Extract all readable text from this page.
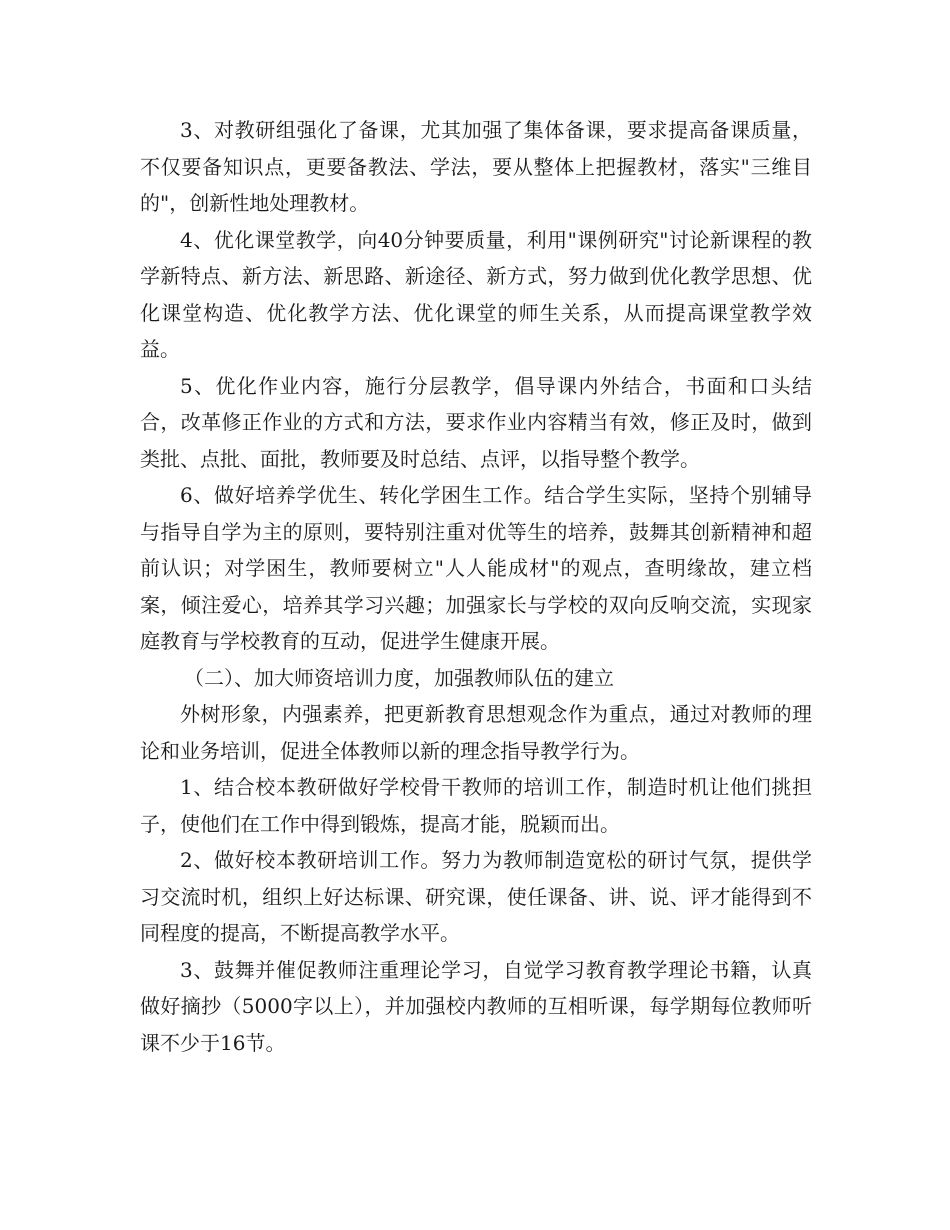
3、对教研组强化了备课，尤其加强了集体备课，要求提高备课质量，不仅要备知识点，更要备教法、学法，要从整体上把握教材，落实"三维目的"，创新性地处理教材。

4、优化课堂教学，向40分钟要质量，利用"课例研究"讨论新课程的教学新特点、新方法、新思路、新途径、新方式，努力做到优化教学思想、优化课堂构造、优化教学方法、优化课堂的师生关系，从而提高课堂教学效益。

5、优化作业内容，施行分层教学，倡导课内外结合，书面和口头结合，改革修正作业的方式和方法，要求作业内容精当有效，修正及时，做到类批、点批、面批，教师要及时总结、点评，以指导整个教学。

6、做好培养学优生、转化学困生工作。结合学生实际，坚持个别辅导与指导自学为主的原则，要特别注重对优等生的培养，鼓舞其创新精神和超前认识；对学困生，教师要树立"人人能成材"的观点，查明缘故，建立档案，倾注爱心，培养其学习兴趣；加强家长与学校的双向反响交流，实现家庭教育与学校教育的互动，促进学生健康开展。

（二）、加大师资培训力度，加强教师队伍的建立

外树形象，内强素养，把更新教育思想观念作为重点，通过对教师的理论和业务培训，促进全体教师以新的理念指导教学行为。

1、结合校本教研做好学校骨干教师的培训工作，制造时机让他们挑担子，使他们在工作中得到锻炼，提高才能，脱颖而出。

2、做好校本教研培训工作。努力为教师制造宽松的研讨气氛，提供学习交流时机，组织上好达标课、研究课，使任课备、讲、说、评才能得到不同程度的提高，不断提高教学水平。

3、鼓舞并催促教师注重理论学习，自觉学习教育教学理论书籍，认真做好摘抄（5000字以上），并加强校内教师的互相听课，每学期每位教师听课不少于16节。
